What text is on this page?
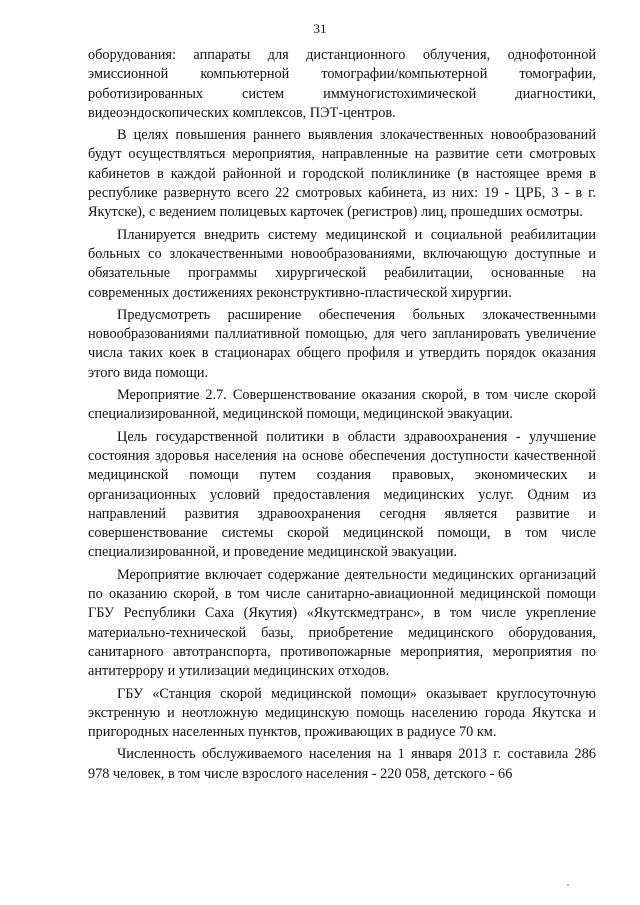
31

оборудования: аппараты для дистанционного облучения, однофотонной эмиссионной компьютерной томографии/компьютерной томографии, роботизированных систем иммуногистохимической диагностики, видеоэндоскопических комплексов, ПЭТ-центров.

В целях повышения раннего выявления злокачественных новообразований будут осуществляться мероприятия, направленные на развитие сети смотровых кабинетов в каждой районной и городской поликлинике (в настоящее время в республике развернуто всего 22 смотровых кабинета, из них: 19 - ЦРБ, 3 - в г. Якутске), с ведением полицевых карточек (регистров) лиц, прошедших осмотры.

Планируется внедрить систему медицинской и социальной реабилитации больных со злокачественными новообразованиями, включающую доступные и обязательные программы хирургической реабилитации, основанные на современных достижениях реконструктивно-пластической хирургии.

Предусмотреть расширение обеспечения больных злокачественными новообразованиями паллиативной помощью, для чего запланировать увеличение числа таких коек в стационарах общего профиля и утвердить порядок оказания этого вида помощи.

Мероприятие 2.7. Совершенствование оказания скорой, в том числе скорой специализированной, медицинской помощи, медицинской эвакуации.

Цель государственной политики в области здравоохранения - улучшение состояния здоровья населения на основе обеспечения доступности качественной медицинской помощи путем создания правовых, экономических и организационных условий предоставления медицинских услуг. Одним из направлений развития здравоохранения сегодня является развитие и совершенствование системы скорой медицинской помощи, в том числе специализированной, и проведение медицинской эвакуации.

Мероприятие включает содержание деятельности медицинских организаций по оказанию скорой, в том числе санитарно-авиационной медицинской помощи ГБУ Республики Саха (Якутия) «Якутскмедтранс», в том числе укрепление материально-технической базы, приобретение медицинского оборудования, санитарного автотранспорта, противопожарные мероприятия, мероприятия по антитеррору и утилизации медицинских отходов.

ГБУ «Станция скорой медицинской помощи» оказывает круглосуточную экстренную и неотложную медицинскую помощь населению города Якутска и пригородных населенных пунктов, проживающих в радиусе 70 км.

Численность обслуживаемого населения на 1 января 2013 г. составила 286 978 человек, в том числе взрослого населения - 220 058, детского - 66
